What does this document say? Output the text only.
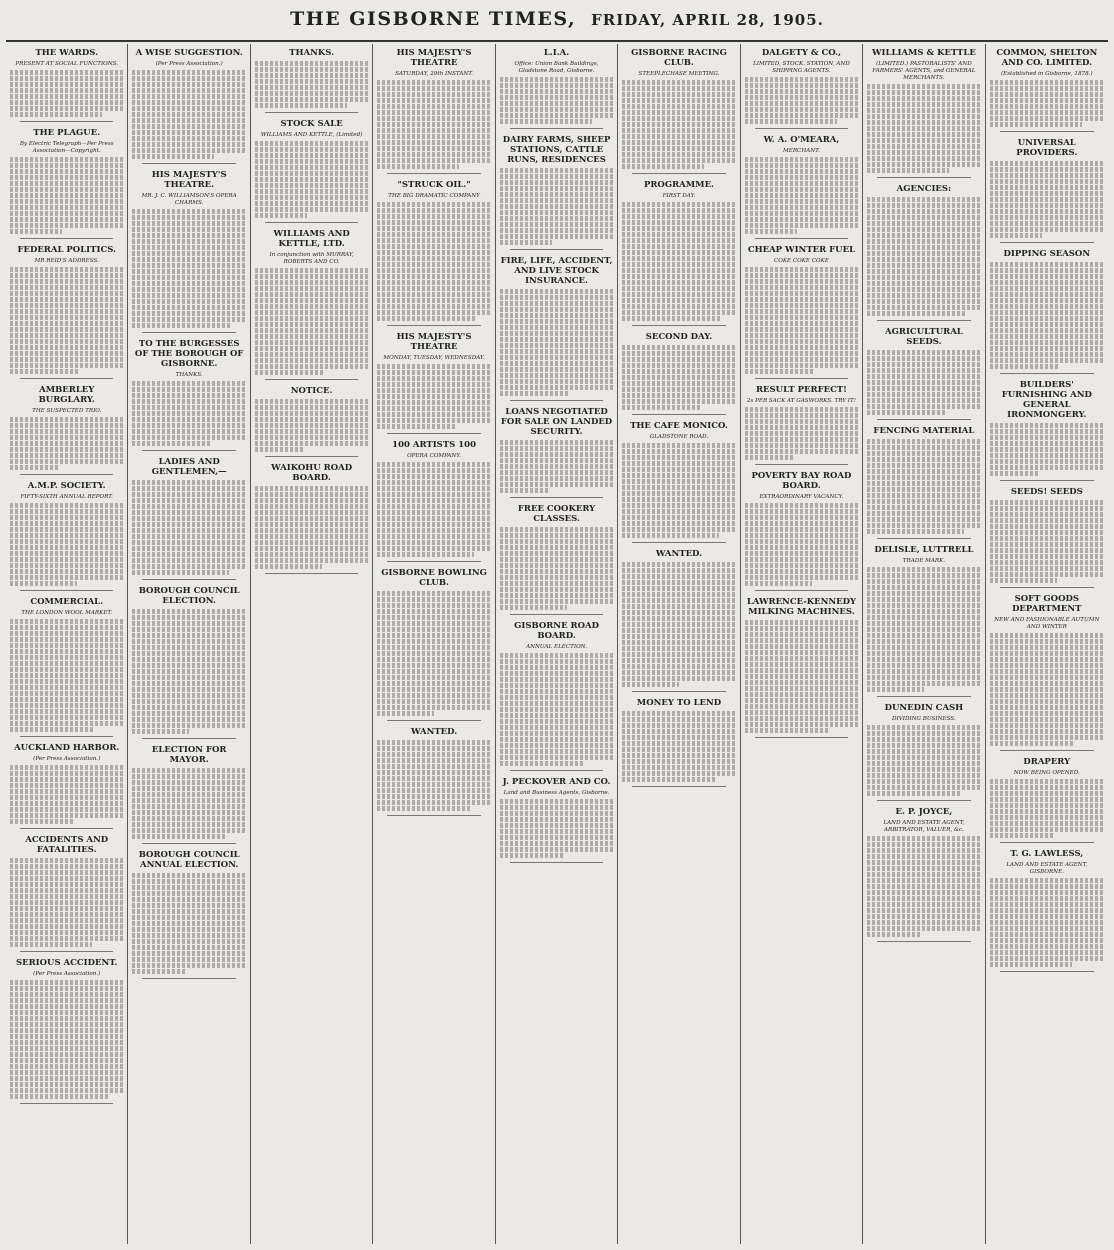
THE GISBORNE TIMES, FRIDAY, APRIL 28, 1905.
THE WARDS.
PRESENT AT SOCIAL FUNCTIONS.
THE PLAGUE.
By Electric Telegraph—Per Press Association—Copyright.
FEDERAL POLITICS.
MR REID'S ADDRESS.
AMBERLEY BURGLARY.
THE SUSPECTED TRIO.
A.M.P. SOCIETY.
FIFTY-SIXTH ANNUAL REPORT.
COMMERCIAL.
THE LONDON WOOL MARKET.
AUCKLAND HARBOR.
(Per Press Association.)
ACCIDENTS AND FATALITIES.
SERIOUS ACCIDENT.
(Per Press Association.)
A WISE SUGGESTION.
(Per Press Association.)
HIS MAJESTY'S THEATRE.
MR. J. C. WILLIAMSON'S OPERA CHARMS.
TO THE BURGESSES OF THE BOROUGH OF GISBORNE.
THANKS.
LADIES AND GENTLEMEN,—
BOROUGH COUNCIL ELECTION.
ELECTION FOR MAYOR.
BOROUGH COUNCIL ANNUAL ELECTION.
THANKS.
STOCK SALE
WILLIAMS AND KETTLE, (Limited)
WILLIAMS AND KETTLE, LTD.
In conjunction with MURRAY, ROBERTS AND CO.
NOTICE.
WAIKOHU ROAD BOARD.
HIS MAJESTY'S THEATRE
SATURDAY, 29th INSTANT.
"STRUCK OIL."
THE BIG DRAMATIC COMPANY
HIS MAJESTY'S THEATRE
MONDAY, TUESDAY, WEDNESDAY.
100 ARTISTS 100
OPERA COMPANY.
GISBORNE BOWLING CLUB.
WANTED.
L.I.A.
Office: Union Bank Buildings, Gladstone Road, Gisborne.
DAIRY FARMS, SHEEP STATIONS, CATTLE RUNS, RESIDENCES
FIRE, LIFE, ACCIDENT, AND LIVE STOCK INSURANCE.
LOANS NEGOTIATED FOR SALE ON LANDED SECURITY.
FREE COOKERY CLASSES.
GISBORNE ROAD BOARD.
ANNUAL ELECTION.
J. PECKOVER AND CO.
Land and Business Agents, Gisborne.
GISBORNE RACING CLUB.
STEEPLECHASE MEETING.
PROGRAMME.
FIRST DAY.
SECOND DAY.
THE CAFE MONICO.
GLADSTONE ROAD.
WANTED.
MONEY TO LEND
DALGETY & CO.,
LIMITED, STOCK, STATION, AND SHIPPING AGENTS.
W. A. O'MEARA,
MERCHANT.
CHEAP WINTER FUEL
COKE COKE COKE
RESULT PERFECT!
2s PER SACK AT GASWORKS. TRY IT!
POVERTY BAY ROAD BOARD.
EXTRAORDINARY VACANCY.
LAWRENCE-KENNEDY MILKING MACHINES.
WILLIAMS & KETTLE
(LIMITED.) PASTORALISTS' AND FARMERS' AGENTS, and GENERAL MERCHANTS.
AGENCIES:
AGRICULTURAL SEEDS.
FENCING MATERIAL
DELISLE, LUTTRELL
TRADE MARK.
DUNEDIN CASH
DIVIDING BUSINESS.
E. P. JOYCE,
LAND AND ESTATE AGENT, ARBITRATOR, VALUER, &c.
COMMON, SHELTON AND CO. LIMITED.
(Established in Gisborne, 1878.)
UNIVERSAL PROVIDERS.
DIPPING SEASON
BUILDERS' FURNISHING AND GENERAL IRONMONGERY.
SEEDS! SEEDS
SOFT GOODS DEPARTMENT
NEW AND FASHIONABLE AUTUMN AND WINTER
DRAPERY
NOW BEING OPENED.
T. G. LAWLESS,
LAND AND ESTATE AGENT, GISBORNE.
